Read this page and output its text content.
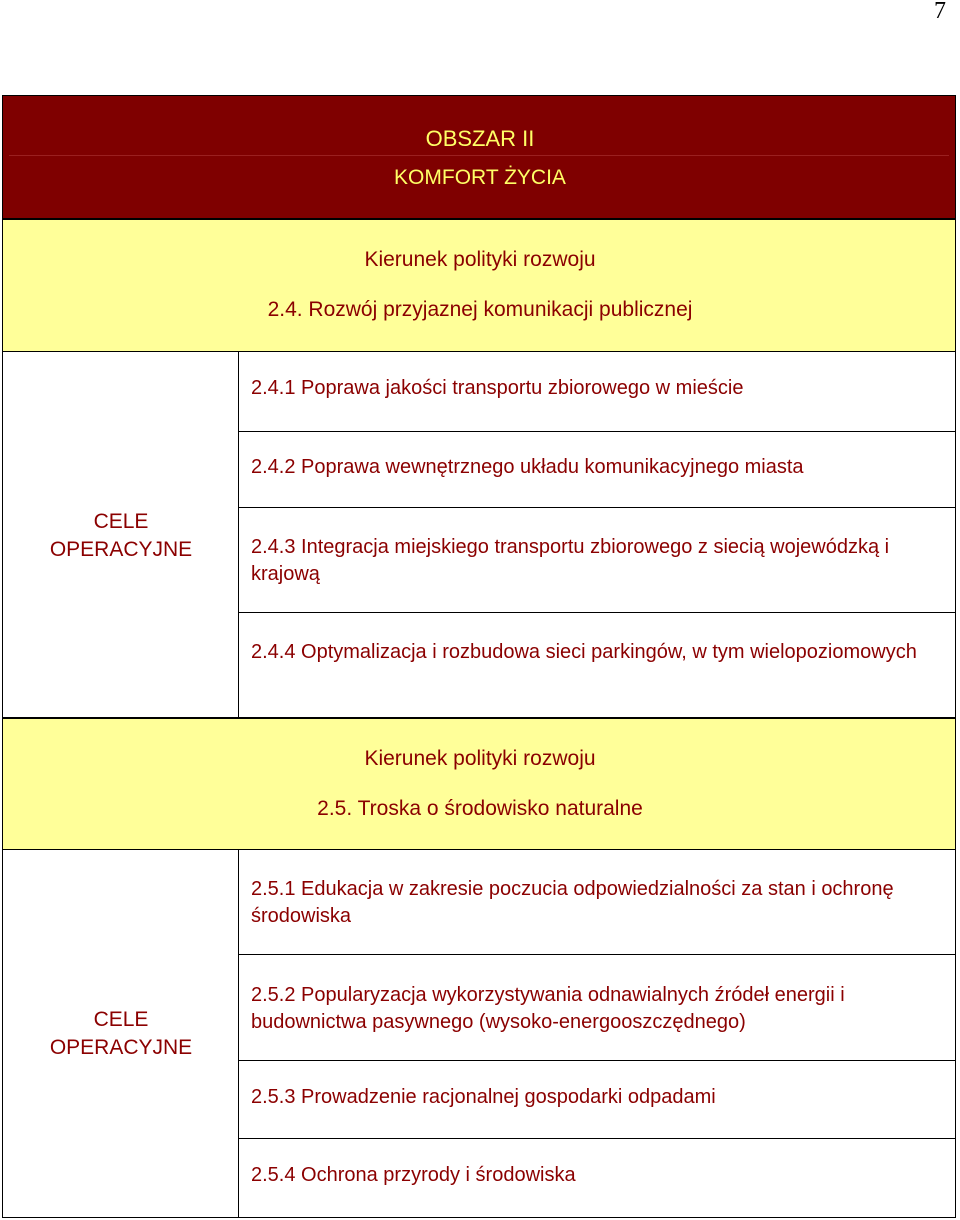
7
OBSZAR II
KOMFORT ŻYCIA
Kierunek polityki rozwoju
2.4. Rozwój przyjaznej komunikacji publicznej
CELE
OPERACYJNE
2.4.1 Poprawa jakości transportu zbiorowego w mieście
2.4.2 Poprawa wewnętrznego układu komunikacyjnego miasta
2.4.3 Integracja miejskiego transportu zbiorowego z siecią wojewódzką i krajową
2.4.4 Optymalizacja i rozbudowa sieci parkingów, w tym wielopoziomowych
Kierunek polityki rozwoju
2.5. Troska o środowisko naturalne
CELE
OPERACYJNE
2.5.1 Edukacja w zakresie poczucia odpowiedzialności za stan i ochronę środowiska
2.5.2 Popularyzacja wykorzystywania odnawialnych źródeł energii i budownictwa pasywnego (wysoko-energooszczędnego)
2.5.3 Prowadzenie racjonalnej gospodarki odpadami
2.5.4 Ochrona przyrody i środowiska
